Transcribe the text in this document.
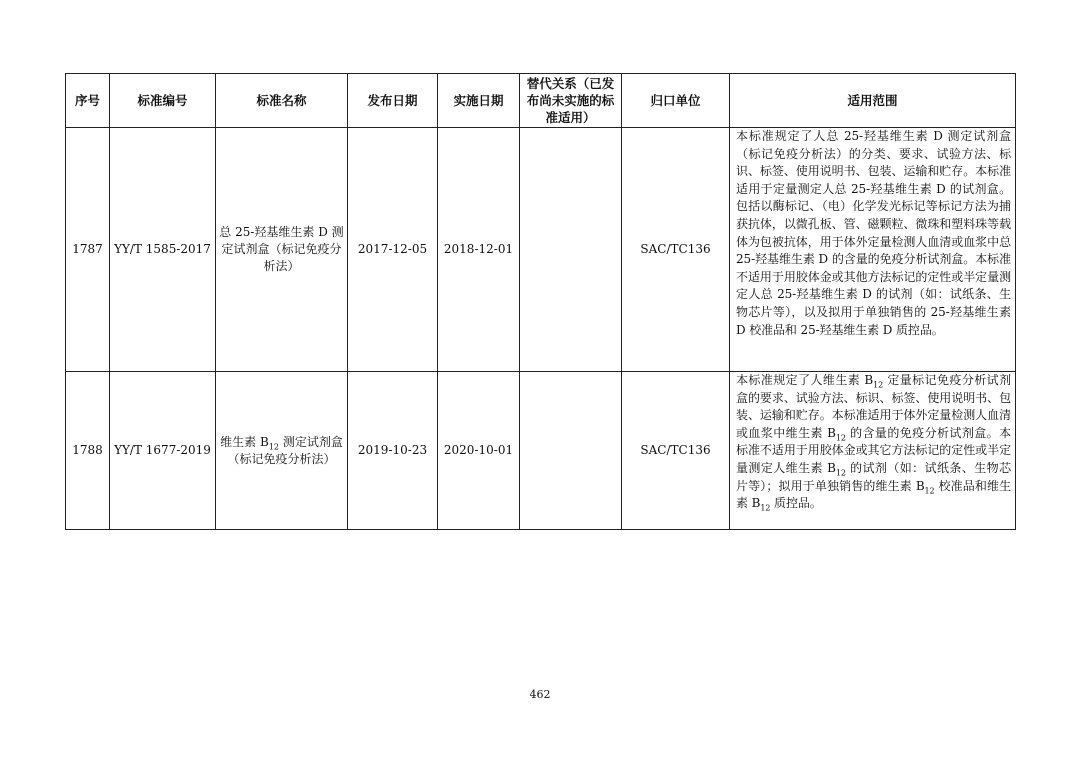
序号	标准编号	标准名称	发布日期	实施日期	替代关系（已发布尚未实施的标准适用）	归口单位	适用范围
1787	YY/T 1585-2017	总 25-羟基维生素 D 测定试剂盒（标记免疫分析法）	2017-12-05	2018-12-01		SAC/TC136	本标准规定了人总 25-羟基维生素 D 测定试剂盒（标记免疫分析法）的分类、要求、试验方法、标识、标签、使用说明书、包装、运输和贮存。本标准适用于定量测定人总 25-羟基维生素 D 的试剂盒。包括以酶标记、（电）化学发光标记等标记方法为捕获抗体，以微孔板、管、磁颗粒、微珠和塑料珠等载体为包被抗体，用于体外定量检测人血清或血浆中总 25-羟基维生素 D 的含量的免疫分析试剂盒。本标准不适用于用胶体金或其他方法标记的定性或半定量测定人总 25-羟基维生素 D 的试剂（如：试纸条、生物芯片等），以及拟用于单独销售的 25-羟基维生素 D 校准品和 25-羟基维生素 D 质控品。
1788	YY/T 1677-2019	维生素 $B_{12}$ 测定试剂盒（标记免疫分析法）	2019-10-23	2020-10-01		SAC/TC136	本标准规定了人维生素 $B_{12}$ 定量标记免疫分析试剂盒的要求、试验方法、标识、标签、使用说明书、包装、运输和贮存。本标准适用于体外定量检测人血清或血浆中维生素 $B_{12}$ 的含量的免疫分析试剂盒。本标准不适用于用胶体金或其它方法标记的定性或半定量测定人维生素 $B_{12}$ 的试剂（如：试纸条、生物芯片等）；拟用于单独销售的维生素 $B_{12}$ 校准品和维生素 $B_{12}$ 质控品。
462
